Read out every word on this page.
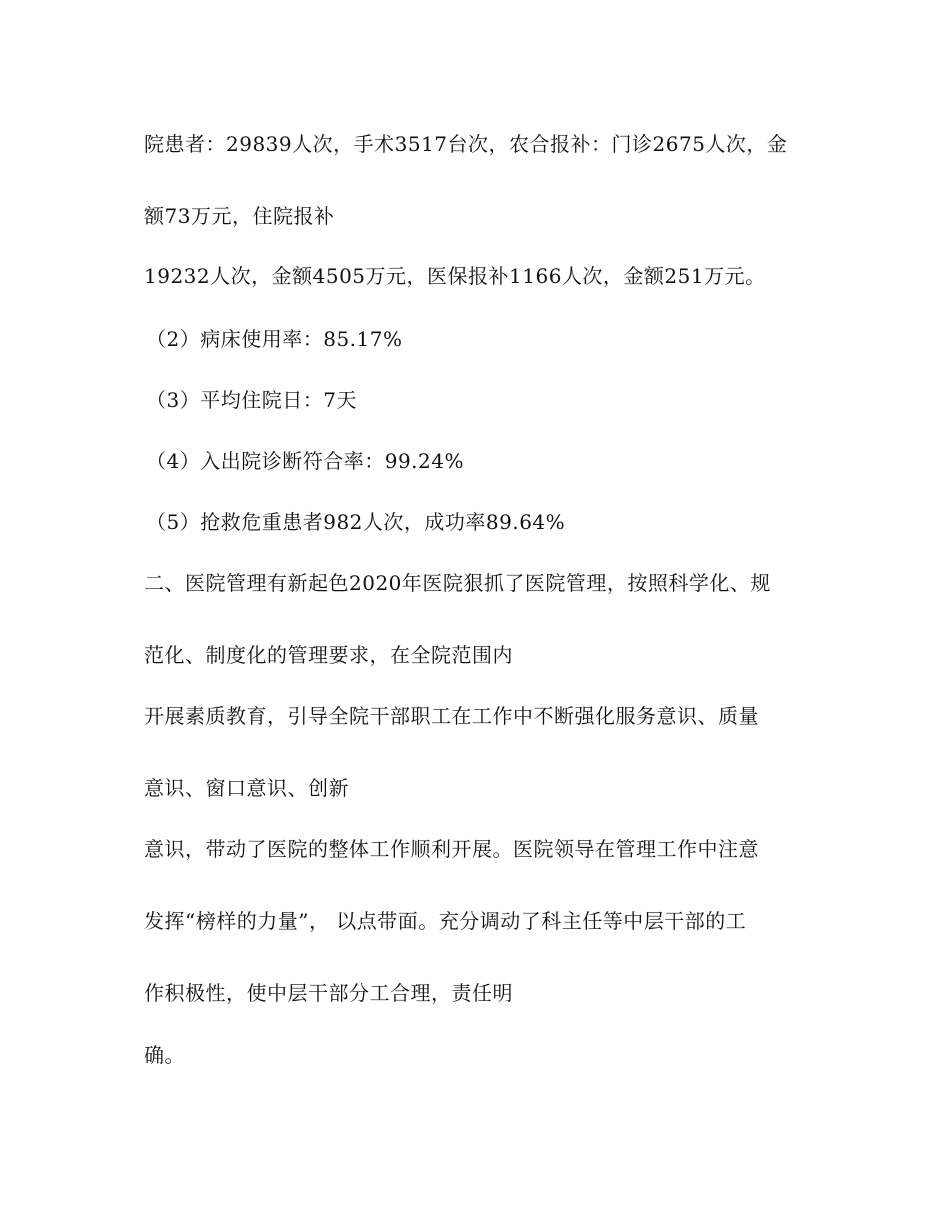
院患者：29839人次，手术3517台次，农合报补：门诊2675人次，金
额73万元，住院报补
19232人次，金额4505万元，医保报补1166人次，金额251万元。
（2）病床使用率：85.17%
（3）平均住院日：7天
（4）入出院诊断符合率：99.24%
（5）抢救危重患者982人次，成功率89.64%
二、医院管理有新起色2020年医院狠抓了医院管理，按照科学化、规
范化、制度化的管理要求，在全院范围内
开展素质教育，引导全院干部职工在工作中不断强化服务意识、质量
意识、窗口意识、创新
意识，带动了医院的整体工作顺利开展。医院领导在管理工作中注意
发挥“榜样的力量”， 以点带面。充分调动了科主任等中层干部的工
作积极性，使中层干部分工合理，责任明
确。
